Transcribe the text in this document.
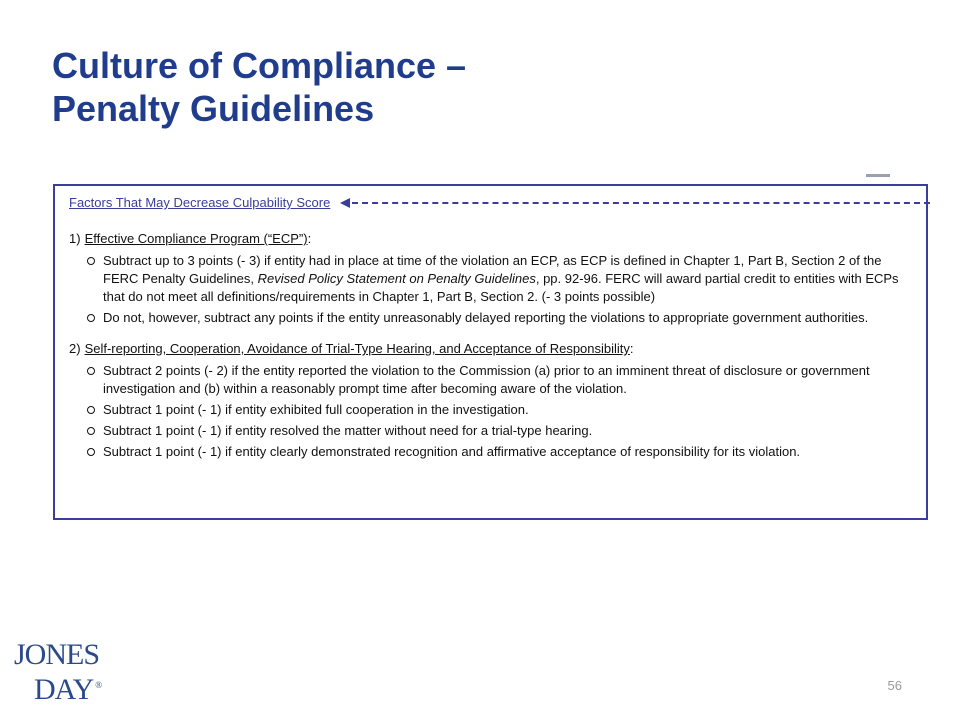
Culture of Compliance –
Penalty Guidelines
Factors That May Decrease Culpability Score
1) Effective Compliance Program (“ECP”) :
Subtract up to 3 points (- 3) if entity had in place at time of the violation an ECP, as ECP is defined in Chapter 1, Part B, Section 2 of the FERC Penalty Guidelines, Revised Policy Statement on Penalty Guidelines, pp. 92-96. FERC will award partial credit to entities with ECPs that do not meet all definitions/requirements in Chapter 1, Part B, Section 2. (- 3 points possible)
Do not, however, subtract any points if the entity unreasonably delayed reporting the violations to appropriate government authorities.
2) Self-reporting, Cooperation, Avoidance of Trial-Type Hearing, and Acceptance of Responsibility :
Subtract 2 points (- 2) if the entity reported the violation to the Commission (a) prior to an imminent threat of disclosure or government investigation and (b) within a reasonably prompt time after becoming aware of the violation.
Subtract 1 point (- 1) if entity exhibited full cooperation in the investigation.
Subtract 1 point (- 1) if entity resolved the matter without need for a trial-type hearing.
Subtract 1 point (- 1) if entity clearly demonstrated recognition and affirmative acceptance of responsibility for its violation.
JONES
DAY ®	56
